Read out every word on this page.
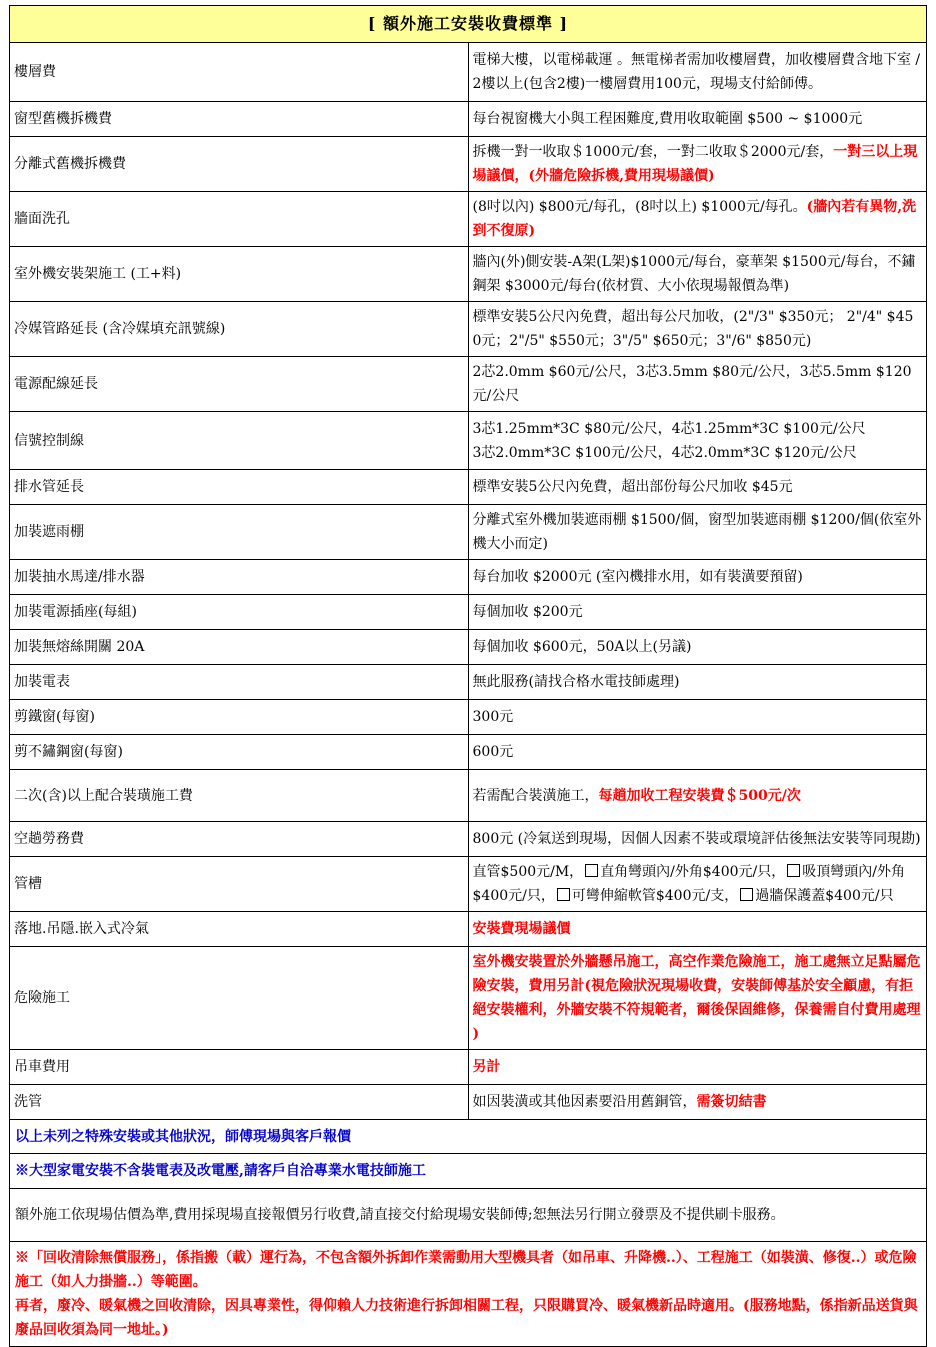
[ 額外施工安裝收費標準 ]	
樓層費	電梯大樓，以電梯載運 。無電梯者需加收樓層費，加收樓層費含地下室 / 2樓以上(包含2樓)一樓層費用100元，現場支付給師傅。
窗型舊機拆機費	每台視窗機大小與工程困難度,費用收取範圍 $500 ~ $1000元
分離式舊機拆機費	拆機一對一收取＄1000元/套，一對二收取＄2000元/套，一對三以上現場議價，(外牆危險拆機,費用現場議價)
牆面洗孔	(8吋以內) $800元/每孔，(8吋以上) $1000元/每孔。(牆內若有異物,洗到不復原)
室外機安裝架施工 (工+料)	牆內(外)側安裝-A架(L架)$1000元/每台，豪華架 $1500元/每台，不鏽鋼架 $3000元/每台(依材質、大小依現場報價為準)
冷媒管路延長 (含冷媒填充訊號線)	標準安裝5公尺內免費，超出每公尺加收，(2"/3" $350元； 2"/4" $450元；2"/5" $550元；3"/5" $650元；3"/6" $850元)
電源配線延長	2芯2.0mm $60元/公尺，3芯3.5mm $80元/公尺，3芯5.5mm $120元/公尺
信號控制線	3芯1.25mm*3C $80元/公尺，4芯1.25mm*3C $100元/公尺
3芯2.0mm*3C $100元/公尺，4芯2.0mm*3C $120元/公尺

排水管延長	標準安裝5公尺內免費，超出部份每公尺加收 $45元
加裝遮雨棚	分離式室外機加裝遮雨棚 $1500/個，窗型加裝遮雨棚 $1200/個(依室外機大小而定)
加裝抽水馬達/排水器	每台加收 $2000元 (室內機排水用，如有裝潢要預留)
加裝電源插座(每組)	每個加收 $200元
加裝無熔絲開關 20A	每個加收 $600元，50A以上(另議)
加裝電表	無此服務(請找合格水電技師處理)
剪鐵窗(每窗)	300元
剪不鏽鋼窗(每窗)	600元
二次(含)以上配合裝璜施工費	若需配合裝潢施工，每趟加收工程安裝費＄500元/次
空趟勞務費	800元 (冷氣送到現場，因個人因素不裝或環境評估後無法安裝等同現勘)
管槽	直管$500元/M， 直角彎頭內/外角$400元/只， 吸頂彎頭內/外角$400元/只， 可彎伸縮軟管$400元/支， 過牆保護蓋$400元/只
落地.吊隱.嵌入式冷氣	安裝費現場議價
危險施工	室外機安裝置於外牆懸吊施工，高空作業危險施工，施工處無立足點屬危險安裝，費用另計(視危險狀況現場收費，安裝師傅基於安全顧慮，有拒絕安裝權利，外牆安裝不符規範者，爾後保固維修，保養需自付費用處理 )
吊車費用	另計
洗管	如因裝潢或其他因素要沿用舊銅管，需簽切結書
以上未列之特殊安裝或其他狀況，師傅現場與客戶報價	
※大型家電安裝不含裝電表及改電壓,請客戶自洽專業水電技師施工	
額外施工依現場估價為準,費用採現場直接報價另行收費,請直接交付給現場安裝師傅;恕無法另行開立發票及不提供刷卡服務。	

※「回收清除無償服務」，係指搬（載）運行為，不包含額外拆卸作業需動用大型機具者（如吊車、升降機..）、工程施工（如裝潢、修復..）或危險施工（如人力掛牆..）等範圍。
再者，廢冷、暖氣機之回收清除，因具專業性，得仰賴人力技術進行拆卸相關工程，只限購買冷、暖氣機新品時適用。(服務地點，係指新品送貨與廢品回收須為同一地址。)	
